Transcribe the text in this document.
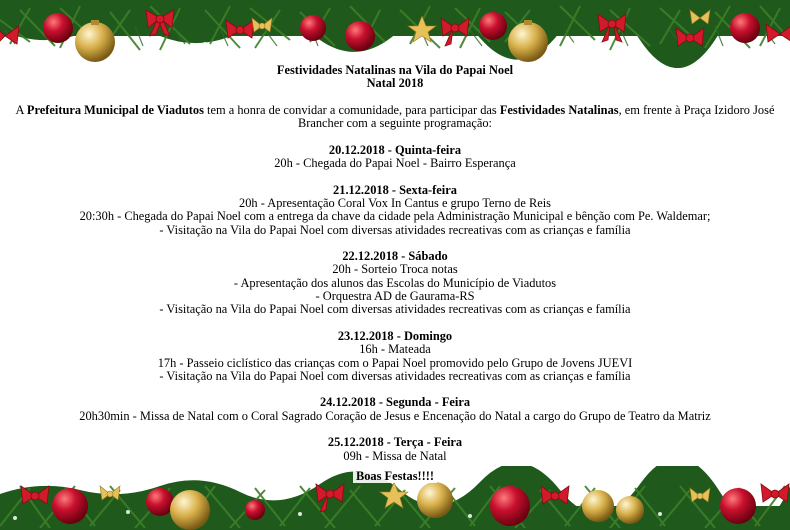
Festividades Natalinas na Vila do Papai Noel

Natal 2018

A Prefeitura Municipal de Viadutos tem a honra de convidar a comunidade, para participar das Festividades Natalinas, em frente à Praça Izidoro José Brancher com a seguinte programação:

20.12.2018 - Quinta-feira

20h - Chegada do Papai Noel - Bairro Esperança

21.12.2018 - Sexta-feira

20h - Apresentação Coral Vox In Cantus e grupo Terno de Reis

20:30h - Chegada do Papai Noel com a entrega da chave da cidade pela Administração Municipal e bênção com Pe. Waldemar;

- Visitação na Vila do Papai Noel com diversas atividades recreativas com as crianças e família

22.12.2018 - Sábado

20h - Sorteio Troca notas

- Apresentação dos alunos das Escolas do Município de Viadutos

- Orquestra AD de Gaurama-RS

- Visitação na Vila do Papai Noel com diversas atividades recreativas com as crianças e família

23.12.2018 - Domingo

16h - Mateada

17h - Passeio ciclístico das crianças com o Papai Noel promovido pelo Grupo de Jovens JUEVI

- Visitação na Vila do Papai Noel com diversas atividades recreativas com as crianças e família

24.12.2018 - Segunda - Feira

20h30min - Missa de Natal com o Coral Sagrado Coração de Jesus e Encenação do Natal a cargo do Grupo de Teatro da Matriz

25.12.2018 - Terça - Feira

09h - Missa de Natal

Boas Festas!!!!
